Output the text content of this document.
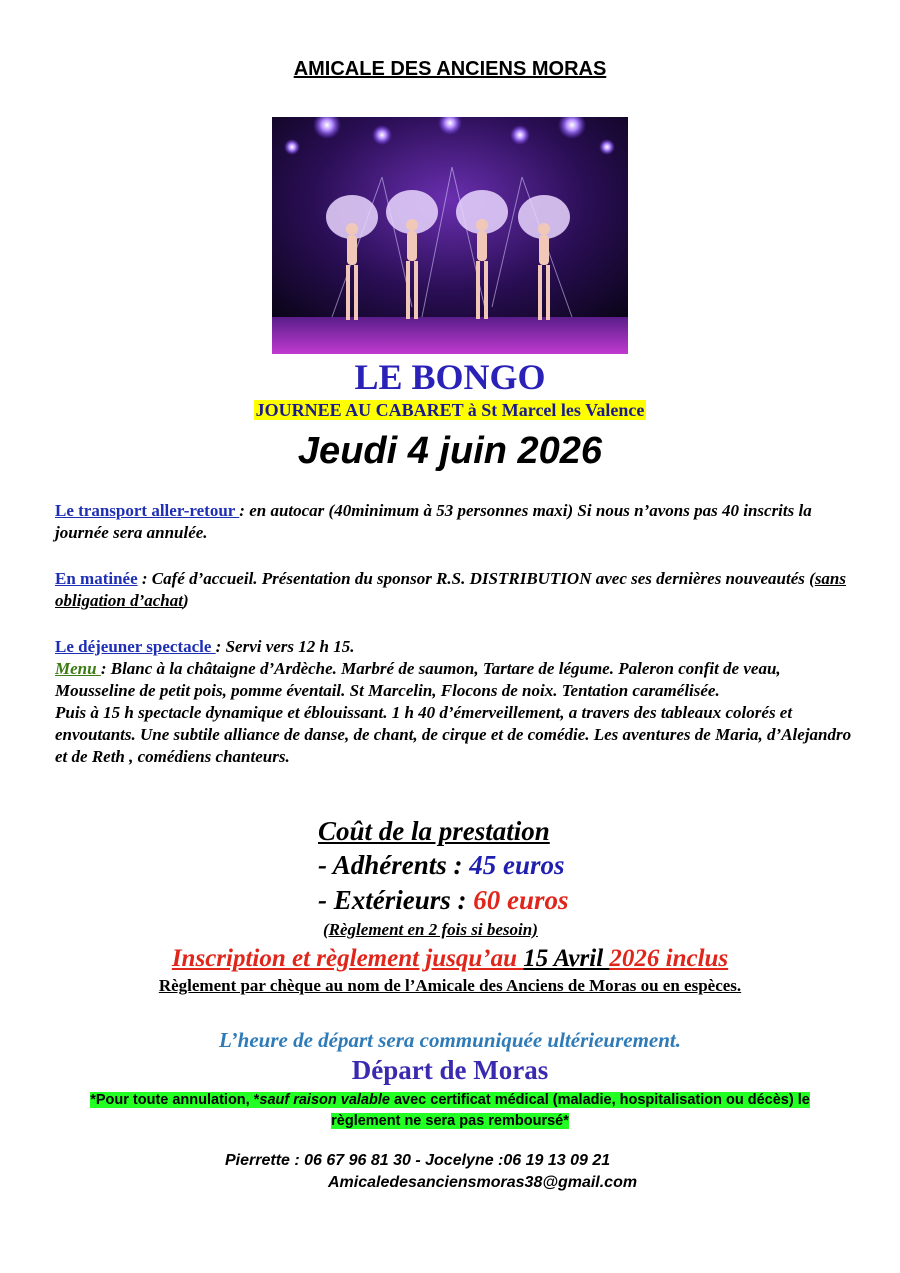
AMICALE DES ANCIENS MORAS
LE BONGO
JOURNEE AU CABARET à St Marcel les Valence
Jeudi 4 juin 2026
Le transport aller-retour : en autocar (40minimum à 53 personnes maxi) Si nous n’avons pas 40 inscrits la journée sera annulée.
En matinée : Café d’accueil. Présentation du sponsor R.S. DISTRIBUTION avec ses dernières nouveautés (sans obligation d’achat)
Le déjeuner spectacle : Servi vers 12 h 15.
Menu : Blanc à la châtaigne d’Ardèche. Marbré de saumon, Tartare de légume. Paleron confit de veau, Mousseline de petit pois, pomme éventail. St Marcelin, Flocons de noix. Tentation caramélisée.
Puis à 15 h spectacle dynamique et éblouissant. 1 h 40 d’émerveillement, a travers des tableaux colorés et envoutants. Une subtile alliance de danse, de chant, de cirque et de comédie. Les aventures de Maria, d’Alejandro et de Reth , comédiens chanteurs.
Coût de la prestation
- Adhérents : 45 euros
- Extérieurs : 60 euros
(Règlement en 2 fois si besoin)
Inscription et règlement jusqu’au 15 Avril 2026 inclus
Règlement par chèque au nom de l’Amicale des Anciens de Moras ou en espèces.
L’heure de départ sera communiquée ultérieurement.
Départ de Moras
*Pour toute annulation, *sauf raison valable avec certificat médical (maladie, hospitalisation ou décès) le règlement ne sera pas remboursé*
Pierrette : 06 67 96 81 30 - Jocelyne :06 19 13 09 21
Amicaledesanciensmoras38@gmail.com
